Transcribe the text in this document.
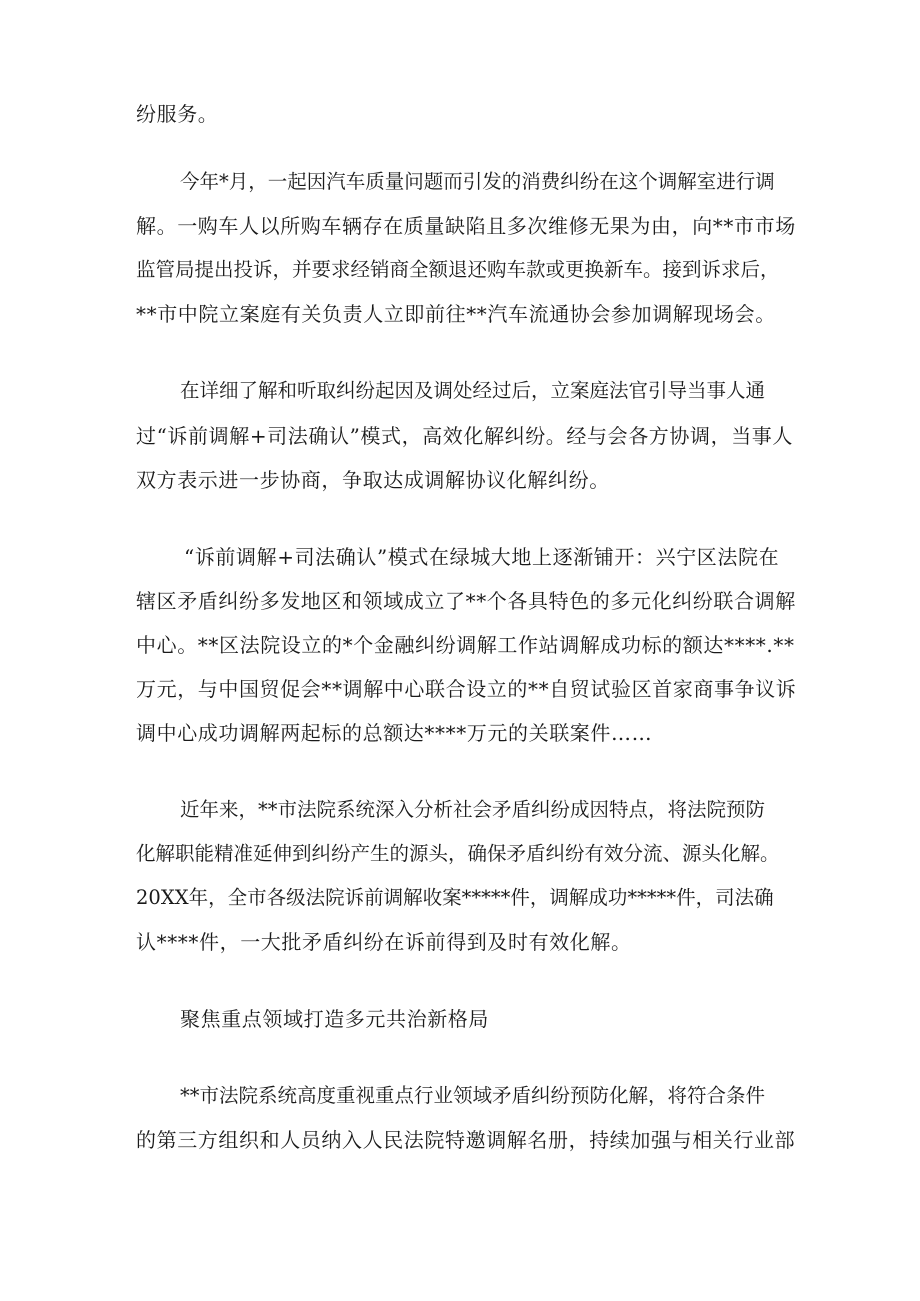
纷服务。
今年*月，一起因汽车质量问题而引发的消费纠纷在这个调解室进行调
解。一购车人以所购车辆存在质量缺陷且多次维修无果为由，向**市市场
监管局提出投诉，并要求经销商全额退还购车款或更换新车。接到诉求后，
**市中院立案庭有关负责人立即前往**汽车流通协会参加调解现场会。
在详细了解和听取纠纷起因及调处经过后，立案庭法官引导当事人通
过“诉前调解+司法确认”模式，高效化解纠纷。经与会各方协调，当事人
双方表示进一步协商，争取达成调解协议化解纠纷。
“诉前调解+司法确认”模式在绿城大地上逐渐铺开：兴宁区法院在
辖区矛盾纠纷多发地区和领域成立了**个各具特色的多元化纠纷联合调解
中心。**区法院设立的*个金融纠纷调解工作站调解成功标的额达****.**
万元，与中国贸促会**调解中心联合设立的**自贸试验区首家商事争议诉
调中心成功调解两起标的总额达****万元的关联案件……
近年来，**市法院系统深入分析社会矛盾纠纷成因特点，将法院预防
化解职能精准延伸到纠纷产生的源头，确保矛盾纠纷有效分流、源头化解。
20XX年，全市各级法院诉前调解收案*****件，调解成功*****件，司法确
认****件，一大批矛盾纠纷在诉前得到及时有效化解。
聚焦重点领域打造多元共治新格局
**市法院系统高度重视重点行业领域矛盾纠纷预防化解，将符合条件
的第三方组织和人员纳入人民法院特邀调解名册，持续加强与相关行业部
